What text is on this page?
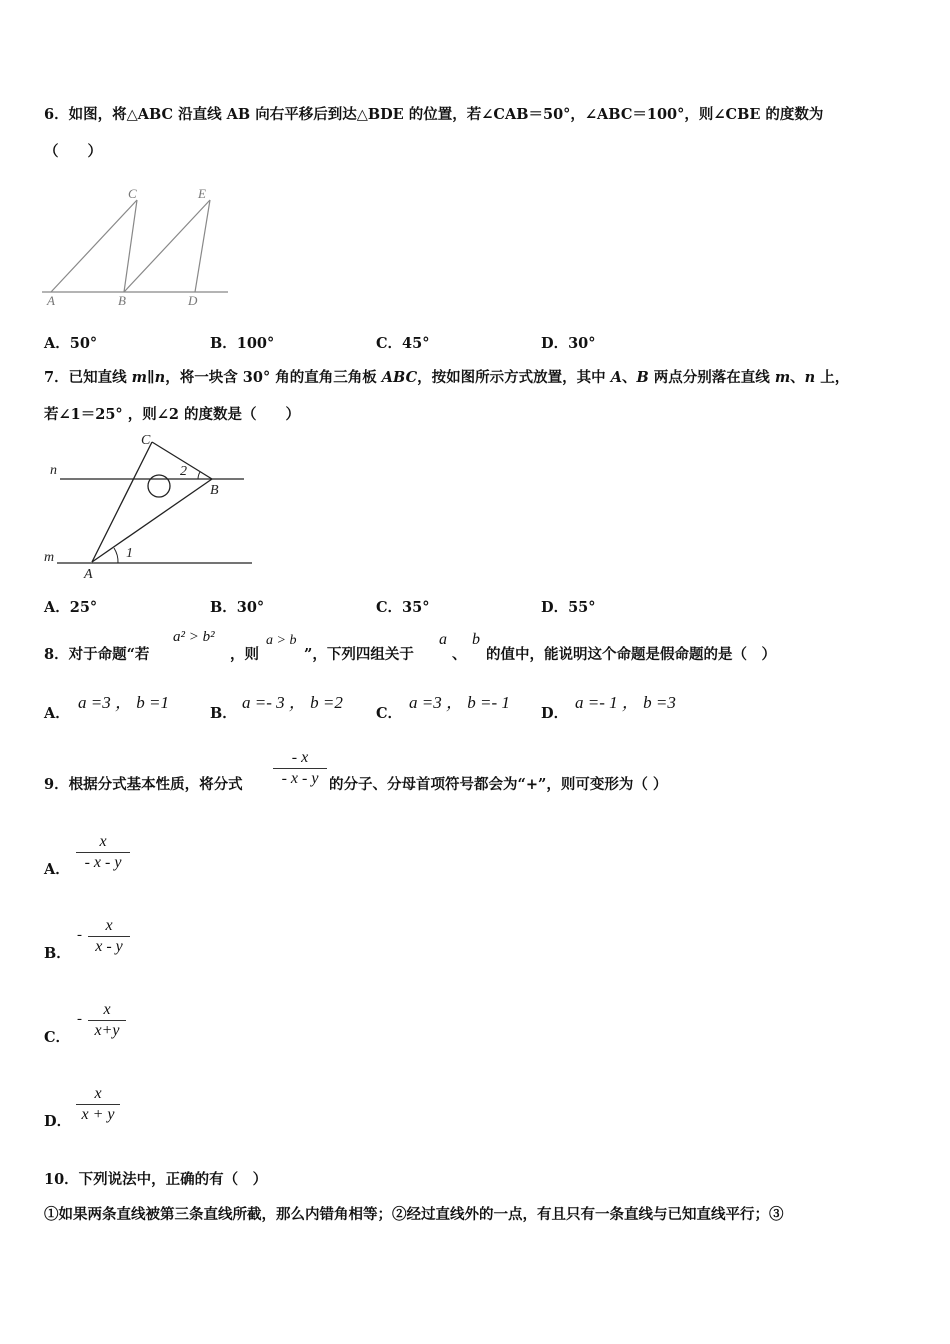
6．如图，将△ABC 沿直线 AB 向右平移后到达△BDE 的位置，若∠CAB＝50°，∠ABC＝100°，则∠CBE 的度数为
（　　）
C	E
A	B	D
A．50°	B．100°	C．45°	D．30°
7．已知直线 m∥n，将一块含 30° 角的直角三角板 ABC，按如图所示方式放置，其中 A、B 两点分别落在直线 m、n 上，
若∠1＝25° ，则∠2 的度数是（　　）
C
2
B
n
m
A
1
A．25°	B．30°	C．35°	D．55°
8．对于命题“若
a² > b²
，则
a > b
”，下列四组关于
a
、
b
的值中，能说明这个命题是假命题的是（　）
A．
a =3 ， b =1
B．
a =- 3 ， b =2
C．
a =3 ， b =- 1
D．
a =- 1 ， b =3
9．根据分式基本性质，将分式
- x
- x - y 的分子、分母首项符号都会为“+”，则可变形为（ ）
A．
x
- x - y
B．
-
x
x - y
C．
-
x
x+y
D．
x
x + y
10．下列说法中，正确的有（　）
①如果两条直线被第三条直线所截，那么内错角相等；②经过直线外的一点，有且只有一条直线与已知直线平行；③
